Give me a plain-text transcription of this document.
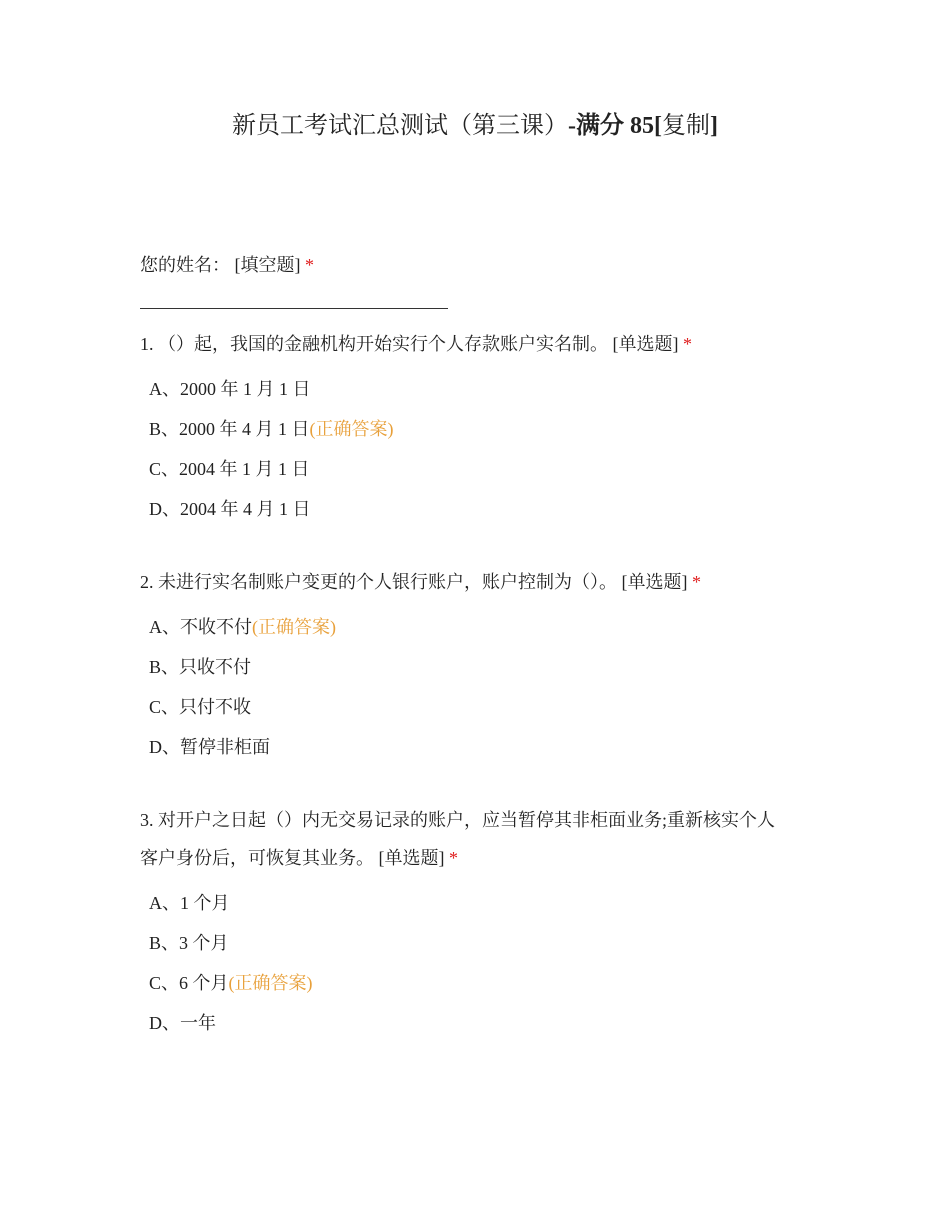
新员工考试汇总测试（第三课）-满分 85[复制]

您的姓名： [填空题] *

1. （）起，我国的金融机构开始实行个人存款账户实名制。 [单选题] *

A、2000 年 1 月 1 日
B、2000 年 4 月 1 日(正确答案)
C、2004 年 1 月 1 日
D、2004 年 4 月 1 日

2. 未进行实名制账户变更的个人银行账户，账户控制为（）。 [单选题] *

A、不收不付(正确答案)
B、只收不付
C、只付不收
D、暂停非柜面

3. 对开户之日起（）内无交易记录的账户，应当暂停其非柜面业务;重新核实个人
客户身份后，可恢复其业务。 [单选题] *

A、1 个月
B、3 个月
C、6 个月(正确答案)
D、一年
